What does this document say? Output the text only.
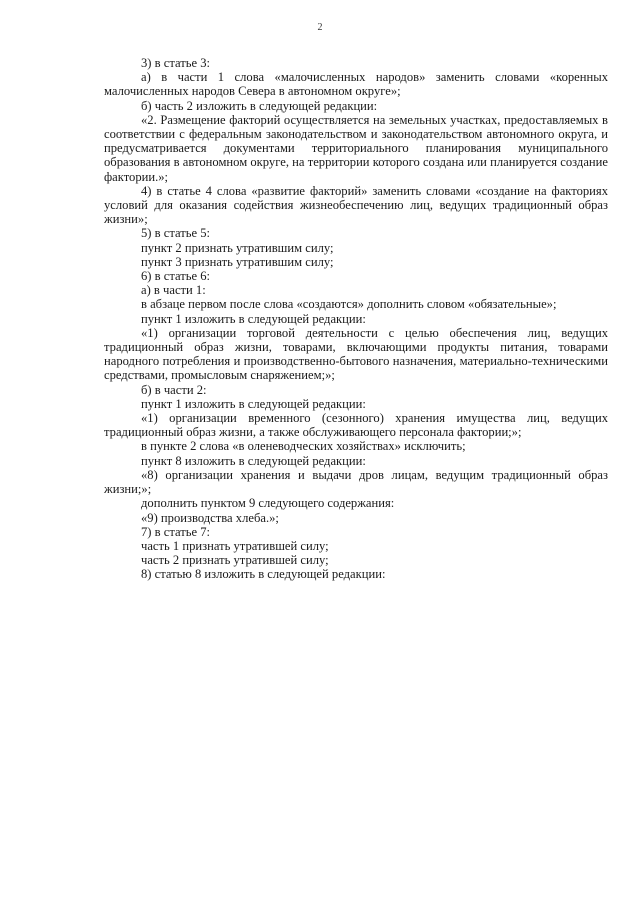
2

3) в статье 3:

а) в части 1 слова «малочисленных народов» заменить словами «коренных малочисленных народов Севера в автономном округе»;

б) часть 2 изложить в следующей редакции:

«2. Размещение факторий осуществляется на земельных участках, предоставляемых в соответствии с федеральным законодательством и законодательством автономного округа, и предусматривается документами территориального планирования муниципального образования в автономном округе, на территории которого создана или планируется создание фактории.»;

4) в статье 4 слова «развитие факторий» заменить словами «создание на факториях условий для оказания содействия жизнеобеспечению лиц, ведущих традиционный образ жизни»;

5) в статье 5:

пункт 2 признать утратившим силу;

пункт 3 признать утратившим силу;

6) в статье 6:

а) в части 1:

в абзаце первом после слова «создаются» дополнить словом «обязательные»;

пункт 1 изложить в следующей редакции:

«1) организации торговой деятельности с целью обеспечения лиц, ведущих традиционный образ жизни, товарами, включающими продукты питания, товарами народного потребления и производственно-бытового назначения, материально-техническими средствами, промысловым снаряжением;»;

б) в части 2:

пункт 1 изложить в следующей редакции:

«1) организации временного (сезонного) хранения имущества лиц, ведущих традиционный образ жизни, а также обслуживающего персонала фактории;»;

в пункте 2 слова «в оленеводческих хозяйствах» исключить;

пункт 8 изложить в следующей редакции:

«8) организации хранения и выдачи дров лицам, ведущим традиционный образ жизни;»;

дополнить пунктом 9 следующего содержания:

«9) производства хлеба.»;

7) в статье 7:

часть 1 признать утратившей силу;

часть 2 признать утратившей силу;

8) статью 8 изложить в следующей редакции:
